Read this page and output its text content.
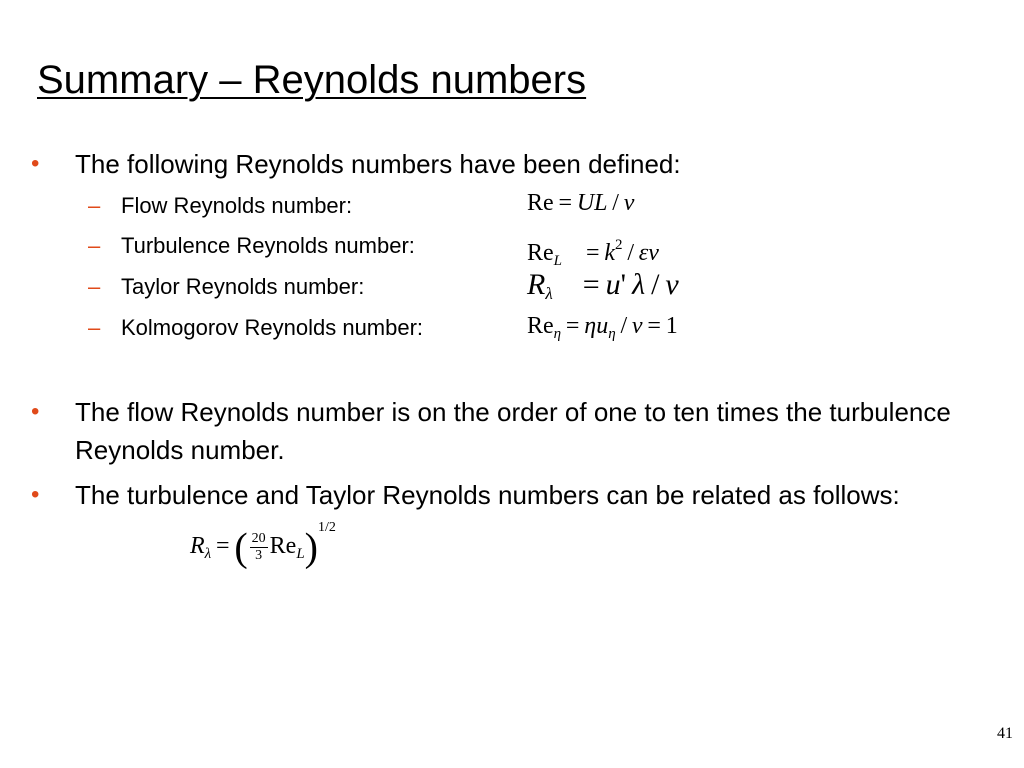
Summary – Reynolds numbers
• The following Reynolds numbers have been defined:
– Flow Reynolds number:
– Turbulence Reynolds number:
– Taylor Reynolds number:
– Kolmogorov Reynolds number:
Re = UL / ν
$Re_L$ = $k^2$ / εν
Rλ = u' λ / ν
$Re_\eta = \eta u_\eta / \nu = 1$
• The flow Reynolds number is on the order of one to ten times the turbulence Reynolds number.
• The turbulence and Taylor Reynolds numbers can be related as follows:
$R_\lambda$ = ( $\frac{20}{3} Re_L)^{1/2}$
41
